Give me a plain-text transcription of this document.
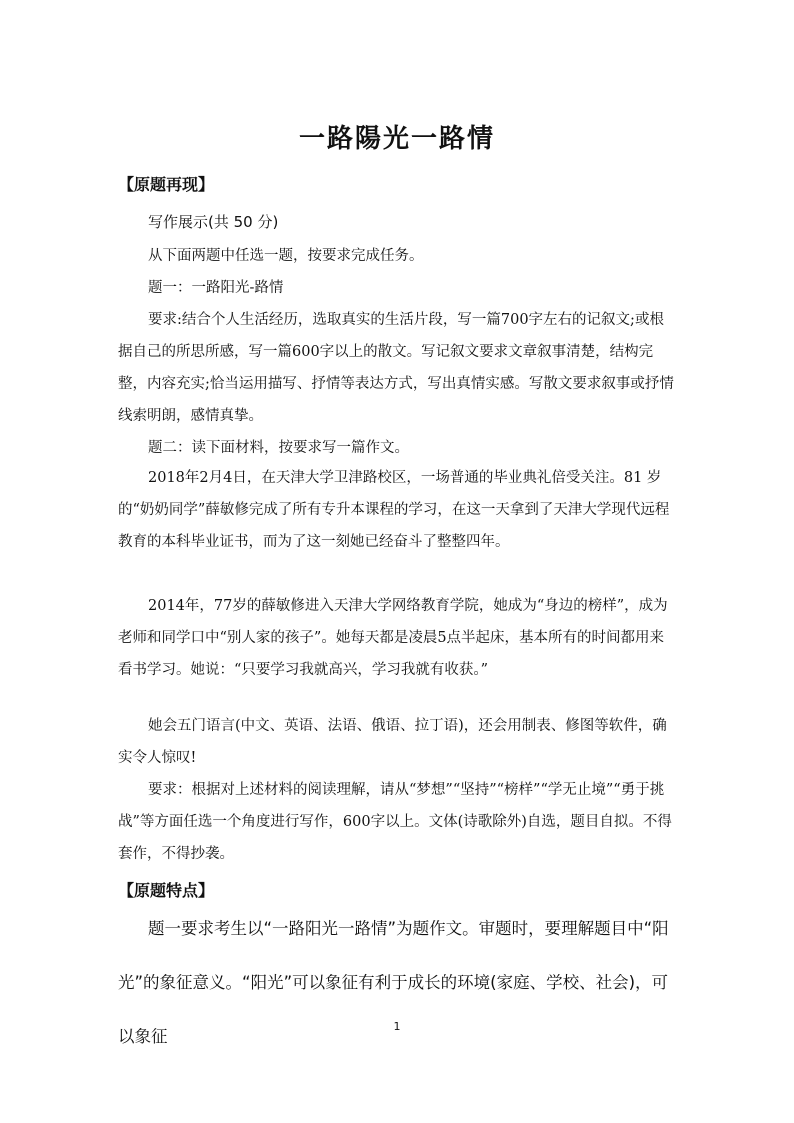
一路陽光一路情
【原题再现】

写作展示(共 50 分)

从下面两题中任选一题，按要求完成任务。

题一：一路阳光-路情

要求:结合个人生活经历，选取真实的生活片段，写一篇700字左右的记叙文;或根据自己的所思所感，写一篇600字以上的散文。写记叙文要求文章叙事清楚，结构完整，内容充实;恰当运用描写、抒情等表达方式，写出真情实感。写散文要求叙事或抒情线索明朗，感情真挚。

题二：读下面材料，按要求写一篇作文。

2018年2月4日，在天津大学卫津路校区，一场普通的毕业典礼倍受关注。81 岁的“奶奶同学”薛敏修完成了所有专升本课程的学习，在这一天拿到了天津大学现代远程教育的本科毕业证书，而为了这一刻她已经奋斗了整整四年。

2014年，77岁的薛敏修进入天津大学网络教育学院，她成为“身边的榜样”，成为老师和同学口中“别人家的孩子”。她每天都是凌晨5点半起床，基本所有的时间都用来看书学习。她说：“只要学习我就高兴，学习我就有收获。”

她会五门语言(中文、英语、法语、俄语、拉丁语)，还会用制表、修图等软件，确实令人惊叹!

要求：根据对上述材料的阅读理解，请从“梦想”“坚持”“榜样”“学无止境”“勇于挑战”等方面任选一个角度进行写作，600字以上。文体(诗歌除外)自选，题目自拟。不得套作，不得抄袭。

【原题特点】

题一要求考生以“一路阳光一路情”为题作文。审题时，要理解题目中“阳光”的象征意义。“阳光”可以象征有利于成长的环境(家庭、学校、社会)，可以象征

1
